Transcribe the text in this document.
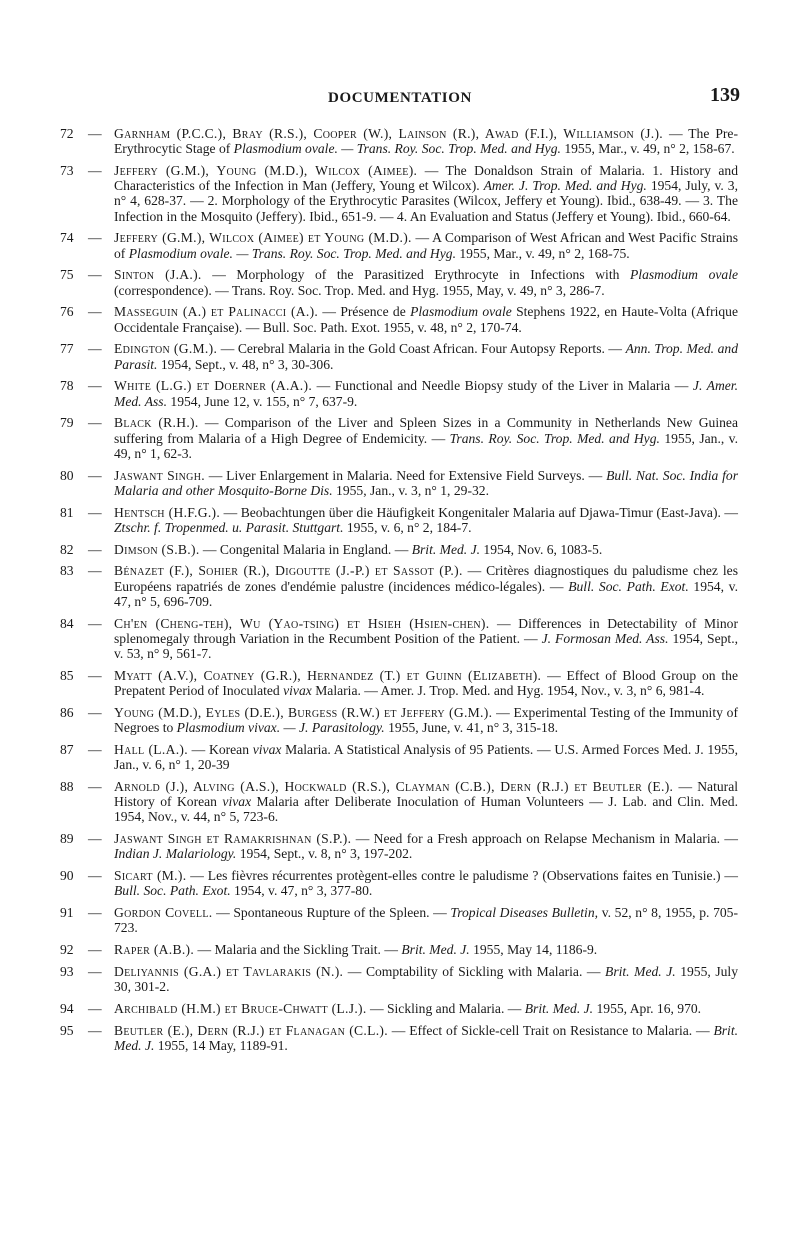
DOCUMENTATION	139
72	— Garnham (P.C.C.), Bray (R.S.), Cooper (W.), Lainson (R.), Awad (F.I.), Williamson (J.). — The Pre-Erythrocytic Stage of Plasmodium ovale. — Trans. Roy. Soc. Trop. Med. and Hyg. 1955, Mar., v. 49, n° 2, 158-67.
73	— Jeffery (G.M.), Young (M.D.), Wilcox (Aimee). — The Donaldson Strain of Malaria. 1. History and Characteristics of the Infection in Man (Jeffery, Young et Wilcox). Amer. J. Trop. Med. and Hyg. 1954, July, v. 3, n° 4, 628-37. — 2. Morphology of the Erythrocytic Parasites (Wilcox, Jeffery et Young). Ibid., 638-49. — 3. The Infection in the Mosquito (Jeffery). Ibid., 651-9. — 4. An Evaluation and Status (Jeffery et Young). Ibid., 660-64.
74	— Jeffery (G.M.), Wilcox (Aimee) et Young (M.D.). — A Comparison of West African and West Pacific Strains of Plasmodium ovale. — Trans. Roy. Soc. Trop. Med. and Hyg. 1955, Mar., v. 49, n° 2, 168-75.
75	— Sinton (J.A.). — Morphology of the Parasitized Erythrocyte in Infections with Plasmodium ovale (correspondence). — Trans. Roy. Soc. Trop. Med. and Hyg. 1955, May, v. 49, n° 3, 286-7.
76	— Masseguin (A.) et Palinacci (A.). — Présence de Plasmodium ovale Stephens 1922, en Haute-Volta (Afrique Occidentale Française). — Bull. Soc. Path. Exot. 1955, v. 48, n° 2, 170-74.
77	— Edington (G.M.). — Cerebral Malaria in the Gold Coast African. Four Autopsy Reports. — Ann. Trop. Med. and Parasit. 1954, Sept., v. 48, n° 3, 30-306.
78	— White (L.G.) et Doerner (A.A.). — Functional and Needle Biopsy study of the Liver in Malaria — J. Amer. Med. Ass. 1954, June 12, v. 155, n° 7, 637-9.
79	— Black (R.H.). — Comparison of the Liver and Spleen Sizes in a Community in Netherlands New Guinea suffering from Malaria of a High Degree of Endemicity. — Trans. Roy. Soc. Trop. Med. and Hyg. 1955, Jan., v. 49, n° 1, 62-3.
80	— Jaswant Singh. — Liver Enlargement in Malaria. Need for Extensive Field Surveys. — Bull. Nat. Soc. India for Malaria and other Mosquito-Borne Dis. 1955, Jan., v. 3, n° 1, 29-32.
81	— Hentsch (H.F.G.). — Beobachtungen über die Häufigkeit Kongenitaler Malaria auf Djawa-Timur (East-Java). — Ztschr. f. Tropenmed. u. Parasit. Stuttgart. 1955, v. 6, n° 2, 184-7.
82	— Dimson (S.B.). — Congenital Malaria in England. — Brit. Med. J. 1954, Nov. 6, 1083-5.
83	— Bénazet (F.), Sohier (R.), Digoutte (J.-P.) et Sassot (P.). — Critères diagnostiques du paludisme chez les Européens rapatriés de zones d'endémie palustre (incidences médico-légales). — Bull. Soc. Path. Exot. 1954, v. 47, n° 5, 696-709.
84	— Ch'en (Cheng-teh), Wu (Yao-tsing) et Hsieh (Hsien-chen). — Differences in Detectability of Minor splenomegaly through Variation in the Recumbent Position of the Patient. — J. Formosan Med. Ass. 1954, Sept., v. 53, n° 9, 561-7.
85	— Myatt (A.V.), Coatney (G.R.), Hernandez (T.) et Guinn (Elizabeth). — Effect of Blood Group on the Prepatent Period of Inoculated vivax Malaria. — Amer. J. Trop. Med. and Hyg. 1954, Nov., v. 3, n° 6, 981-4.
86	— Young (M.D.), Eyles (D.E.), Burgess (R.W.) et Jeffery (G.M.). — Experimental Testing of the Immunity of Negroes to Plasmodium vivax. — J. Parasitology. 1955, June, v. 41, n° 3, 315-18.
87	— Hall (L.A.). — Korean vivax Malaria. A Statistical Analysis of 95 Patients. — U.S. Armed Forces Med. J. 1955, Jan., v. 6, n° 1, 20-39
88	— Arnold (J.), Alving (A.S.), Hockwald (R.S.), Clayman (C.B.), Dern (R.J.) et Beutler (E.). — Natural History of Korean vivax Malaria after Deliberate Inoculation of Human Volunteers — J. Lab. and Clin. Med. 1954, Nov., v. 44, n° 5, 723-6.
89	— Jaswant Singh et Ramakrishnan (S.P.). — Need for a Fresh approach on Relapse Mechanism in Malaria. — Indian J. Malariology. 1954, Sept., v. 8, n° 3, 197-202.
90	— Sicart (M.). — Les fièvres récurrentes protègent-elles contre le paludisme ? (Observations faites en Tunisie.) — Bull. Soc. Path. Exot. 1954, v. 47, n° 3, 377-80.
91	— Gordon Covell. — Spontaneous Rupture of the Spleen. — Tropical Diseases Bulletin, v. 52, n° 8, 1955, p. 705-723.
92	— Raper (A.B.). — Malaria and the Sickling Trait. — Brit. Med. J. 1955, May 14, 1186-9.
93	— Deliyannis (G.A.) et Tavlarakis (N.). — Comptability of Sickling with Malaria. — Brit. Med. J. 1955, July 30, 301-2.
94	— Archibald (H.M.) et Bruce-Chwatt (L.J.). — Sickling and Malaria. — Brit. Med. J. 1955, Apr. 16, 970.
95	— Beutler (E.), Dern (R.J.) et Flanagan (C.L.). — Effect of Sickle-cell Trait on Resistance to Malaria. — Brit. Med. J. 1955, 14 May, 1189-91.
